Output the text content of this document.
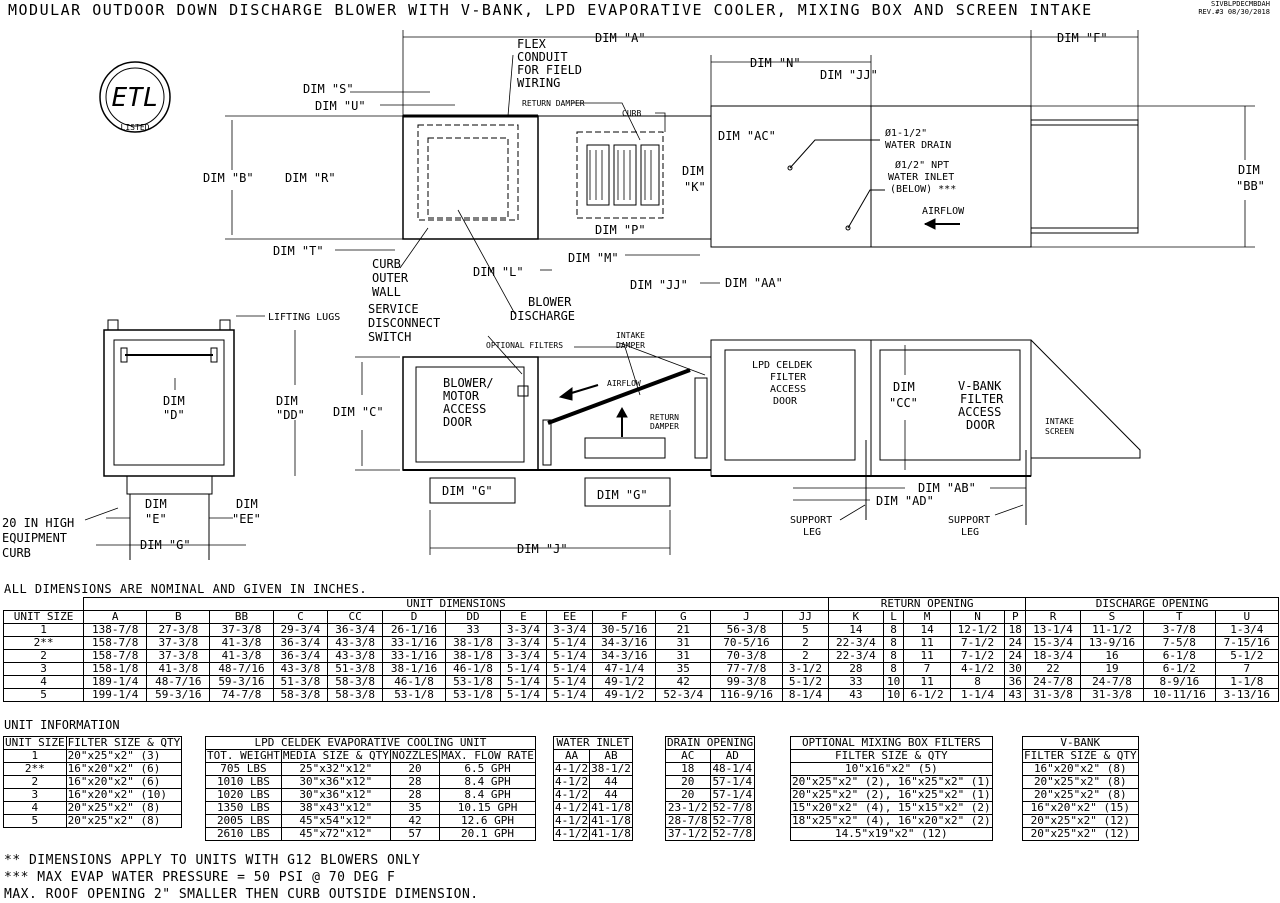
MODULAR OUTDOOR DOWN DISCHARGE BLOWER WITH V-BANK, LPD EVAPORATIVE COOLER, MIXING BOX AND SCREEN INTAKE	SIVBLPDECMBDAH
REV.#3 08/30/2018
ETL
LISTED
DIM "A"	DIM "F"
DIM "N"
DIM "JJ"
DIM "S"
DIM "U"
FLEX
CONDUIT
FOR FIELD
WIRING
RETURN DAMPER
CURB
DIM "AC"	Ø1-1/2"
WATER DRAIN
Ø1/2" NPT
WATER INLET
(BELOW) ***
AIRFLOW
DIM "B"	DIM "R"	DIM
"K"
DIM
"BB"
DIM "P"
DIM "T"	DIM "M"
DIM "L"
DIM "JJ"	DIM "AA"
CURB
OUTER
WALL
BLOWER
DISCHARGE
LIFTING LUGS
SERVICE
DISCONNECT
SWITCH
OPTIONAL FILTERS
INTAKE
DAMPER
BLOWER/
MOTOR
ACCESS
DOOR
AIRFLOW
RETURN
DAMPER
LPD CELDEK
FILTER
ACCESS
DOOR
V-BANK
FILTER
ACCESS
DOOR	INTAKE
SCREEN
DIM
"D"
DIM
"DD" DIM "C"
DIM
"CC"
DIM
"E"
DIM
"EE"
DIM "G"
DIM "G"	DIM "G"
DIM "J"
DIM "AB"
DIM "AD"
20 IN HIGH
EQUIPMENT
CURB
SUPPORT
LEG
SUPPORT
LEG
ALL DIMENSIONS ARE NOMINAL AND GIVEN IN INCHES.
	UNIT DIMENSIONS													RETURN OPENING					DISCHARGE OPENING			
UNIT SIZE	A	B	BB	C	CC	D	DD	E	EE	F	G	J	JJ	K	L	M	N	P	R	S	T	U
1	138-7/8	27-3/8	37-3/8	29-3/4	36-3/4	26-1/16	33	3-3/4	3-3/4	30-5/16	21	56-3/8	5	14	8	14	12-1/2	18	13-1/4	11-1/2	3-7/8	1-3/4
2**	158-7/8	37-3/8	41-3/8	36-3/4	43-3/8	33-1/16	38-1/8	3-3/4	5-1/4	34-3/16	31	70-5/16	2	22-3/4	8	11	7-1/2	24	15-3/4	13-9/16	7-5/8	7-15/16
2	158-7/8	37-3/8	41-3/8	36-3/4	43-3/8	33-1/16	38-1/8	3-3/4	5-1/4	34-3/16	31	70-3/8	2	22-3/4	8	11	7-1/2	24	18-3/4	16	6-1/8	5-1/2
3	158-1/8	41-3/8	48-7/16	43-3/8	51-3/8	38-1/16	46-1/8	5-1/4	5-1/4	47-1/4	35	77-7/8	3-1/2	28	8	7	4-1/2	30	22	19	6-1/2	7
4	189-1/4	48-7/16	59-3/16	51-3/8	58-3/8	46-1/8	53-1/8	5-1/4	5-1/4	49-1/2	42	99-3/8	5-1/2	33	10	11	8	36	24-7/8	24-7/8	8-9/16	1-1/8
5	199-1/4	59-3/16	74-7/8	58-3/8	58-3/8	53-1/8	53-1/8	5-1/4	5-1/4	49-1/2	52-3/4	116-9/16	8-1/4	43	10	6-1/2	1-1/4	43	31-3/8	31-3/8	10-11/16	3-13/16
UNIT INFORMATION
UNIT SIZE	FILTER SIZE & QTY
1	20"x25"x2" (3)
2**	16"x20"x2" (6)
2	16"x20"x2" (6)
3	16"x20"x2" (10)
4	20"x25"x2" (8)
5	20"x25"x2" (8)
LPD CELDEK EVAPORATIVE COOLING UNIT			
TOT. WEIGHT	MEDIA SIZE & QTY	NOZZLES	MAX. FLOW RATE
705 LBS	25"x32"x12"	20	6.5 GPH
1010 LBS	30"x36"x12"	28	8.4 GPH
1020 LBS	30"x36"x12"	28	8.4 GPH
1350 LBS	38"x43"x12"	35	10.15 GPH
2005 LBS	45"x54"x12"	42	12.6 GPH
2610 LBS	45"x72"x12"	57	20.1 GPH
WATER INLET	
AA	AB
4-1/2	38-1/2
4-1/2	44
4-1/2	44
4-1/2	41-1/8
4-1/2	41-1/8
4-1/2	41-1/8
DRAIN OPENING	
AC	AD
18	48-1/4
20	57-1/4
20	57-1/4
23-1/2	52-7/8
28-7/8	52-7/8
37-1/2	52-7/8
OPTIONAL MIXING BOX FILTERS
FILTER SIZE & QTY
10"x16"x2" (5)
20"x25"x2" (2), 16"x25"x2" (1)
20"x25"x2" (2), 16"x25"x2" (1)
15"x20"x2" (4), 15"x15"x2" (2)
18"x25"x2" (4), 16"x20"x2" (2)
14.5"x19"x2" (12)
V-BANK
FILTER SIZE & QTY
16"x20"x2" (8)
20"x25"x2" (8)
20"x25"x2" (8)
16"x20"x2" (15)
20"x25"x2" (12)
20"x25"x2" (12)
** DIMENSIONS APPLY TO UNITS WITH G12 BLOWERS ONLY
*** MAX EVAP WATER PRESSURE = 50 PSI @ 70 DEG F
MAX. ROOF OPENING 2" SMALLER THEN CURB OUTSIDE DIMENSION.
